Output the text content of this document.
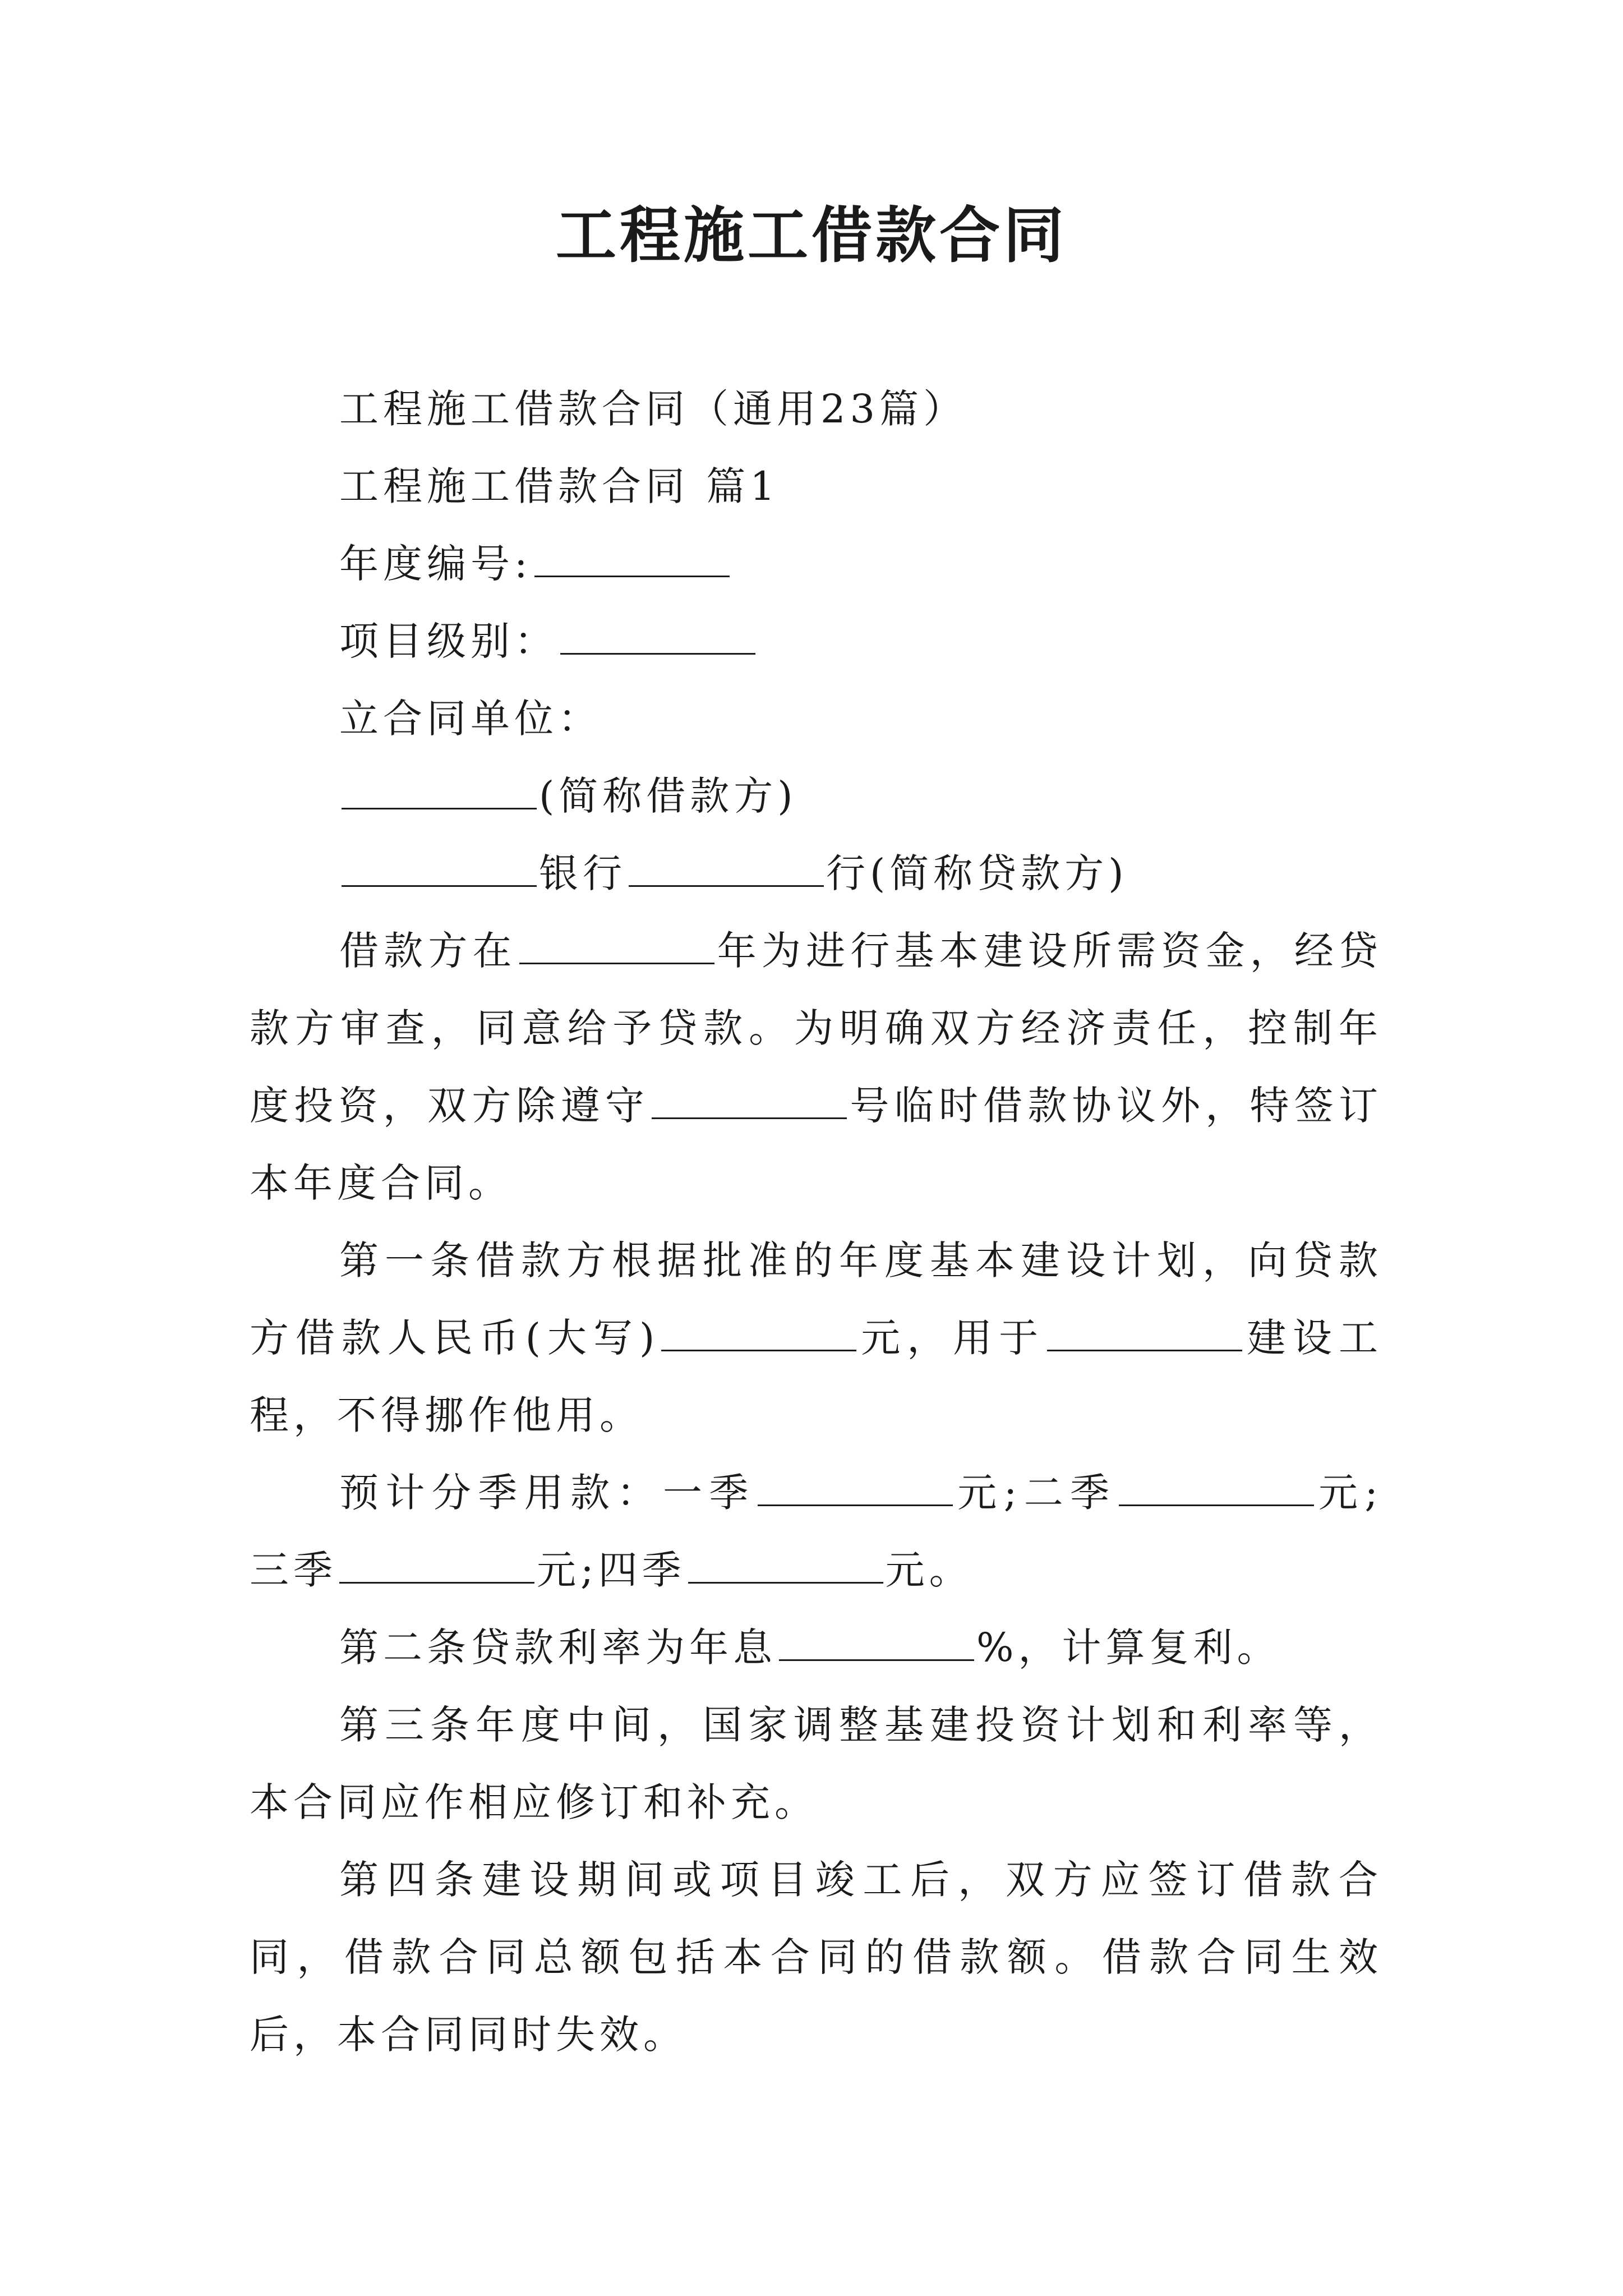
工程施工借款合同
工程施工借款合同（通用23篇）
工程施工借款合同 篇1
年度编号:
项目级别：
立合同单位：
(简称借款方)
银行	行(简称贷款方)
借款方在	年为进行基本建设所需资金，经贷款方审查，同意给予贷款。为明确双方经济责任，控制年度投资，双方除遵守	号临时借款协议外，特签订本年度合同。
第一条借款方根据批准的年度基本建设计划，向贷款方借款人民币(大写)	元，用于	建设工程，不得挪作他用。
预计分季用款：一季	元;二季	元;三季	元;四季	元。
第二条贷款利率为年息	%，计算复利。
第三条年度中间，国家调整基建投资计划和利率等，本合同应作相应修订和补充。
第四条建设期间或项目竣工后，双方应签订借款合同，借款合同总额包括本合同的借款额。借款合同生效后，本合同同时失效。
